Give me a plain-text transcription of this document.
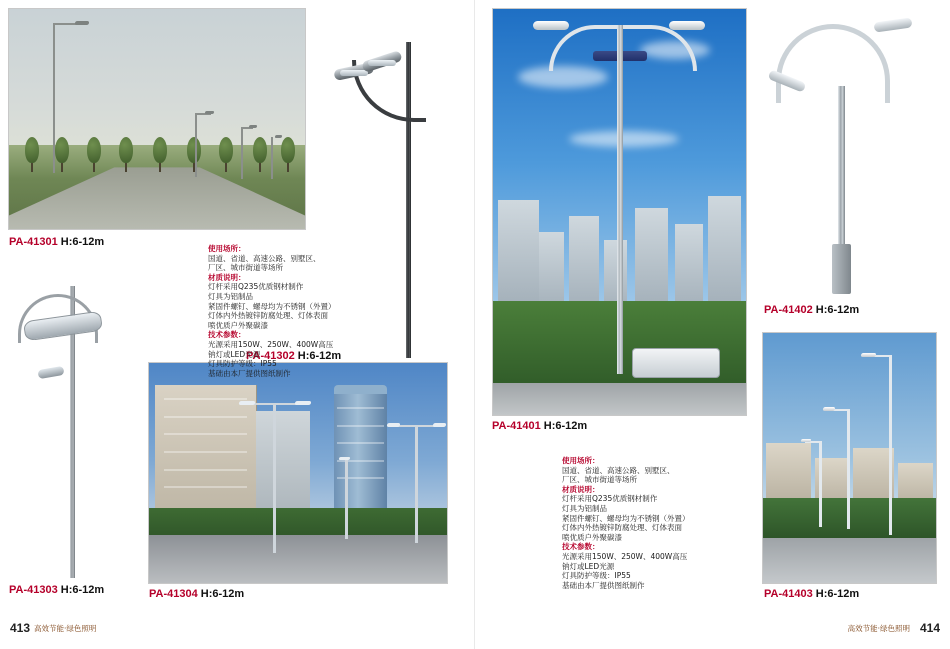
PA-41301 H:6-12m
PA-41302 H:6-12m
PA-41303 H:6-12m	PA-41304 H:6-12m

使用场所：

国道、省道、高速公路、别墅区、

厂区、城市街道等场所

材质说明：

灯杆采用Q235优质钢材制作

灯具为铝制品

紧固件螺钉、螺母均为不锈钢（外置）

灯体内外热镀锌防腐处理、灯体表面

喷优质户外聚碳漆

技术参数：

光源采用150W、250W、400W高压

钠灯或LED光源

灯具防护等级：IP55

基础由本厂提供图纸制作

PA-41401 H:6-12m
PA-41402 H:6-12m
PA-41403 H:6-12m

使用场所：

国道、省道、高速公路、别墅区、

厂区、城市街道等场所

材质说明：

灯杆采用Q235优质钢材制作

灯具为铝制品

紧固件螺钉、螺母均为不锈钢（外置）

灯体内外热镀锌防腐处理、灯体表面

喷优质户外聚碳漆

技术参数：

光源采用150W、250W、400W高压

钠灯或LED光源

灯具防护等级：IP55

基础由本厂提供图纸制作

413 高效节能·绿色照明	高效节能·绿色照明 414
